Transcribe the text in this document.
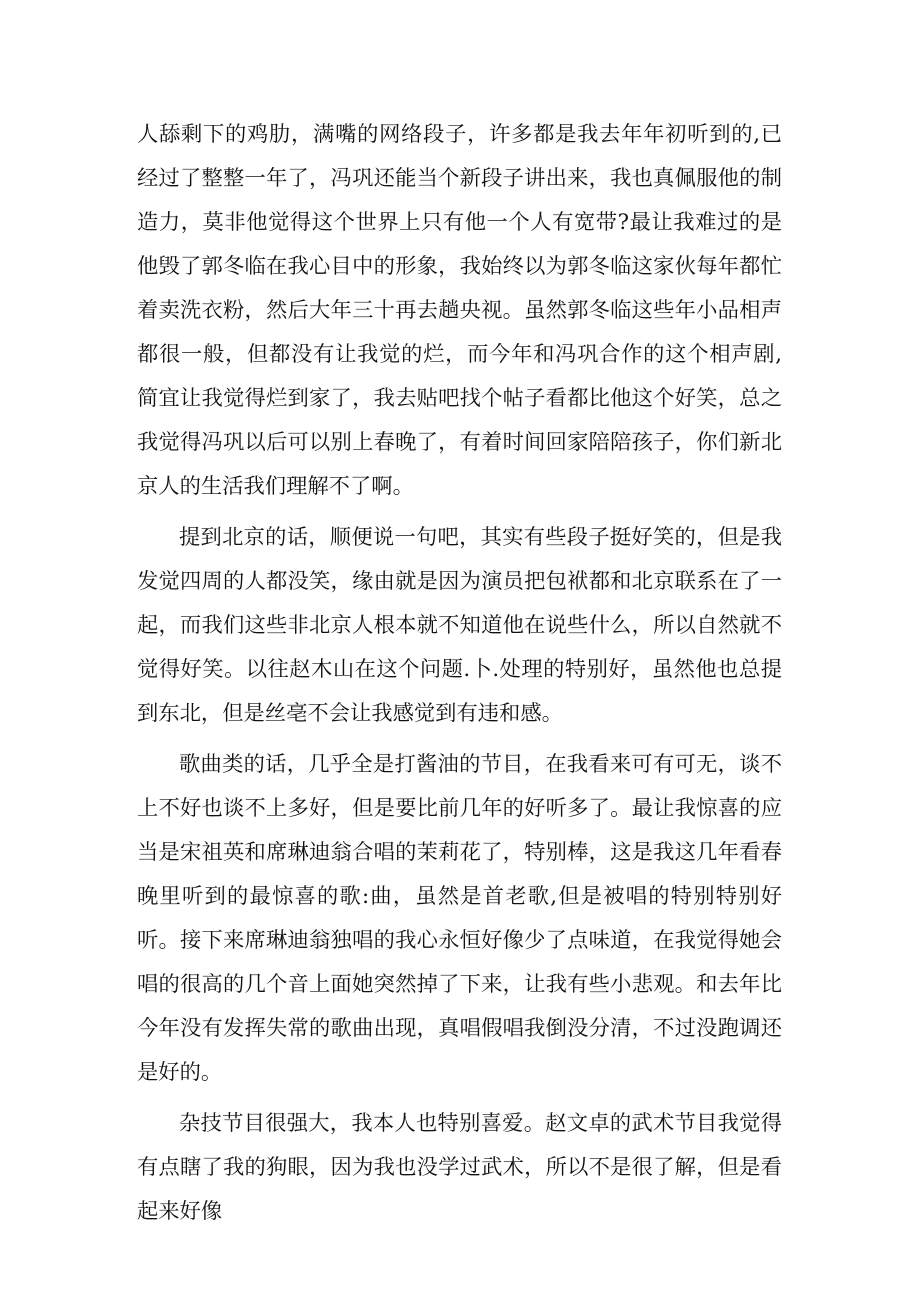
人舔剩下的鸡肋，满嘴的网络段子，许多都是我去年年初听到的,已经过了整整一年了，冯巩还能当个新段子讲出来，我也真佩服他的制造力，莫非他觉得这个世界上只有他一个人有宽带?最让我难过的是他毁了郭冬临在我心目中的形象，我始终以为郭冬临这家伙每年都忙着卖洗衣粉，然后大年三十再去趟央视。虽然郭冬临这些年小品相声都很一般，但都没有让我觉的烂，而今年和冯巩合作的这个相声剧,简宜让我觉得烂到家了，我去贴吧找个帖子看都比他这个好笑，总之我觉得冯巩以后可以别上春晚了，有着时间回家陪陪孩子，你们新北京人的生活我们理解不了啊。

提到北京的话，顺便说一句吧，其实有些段子挺好笑的，但是我发觉四周的人都没笑，缘由就是因为演员把包袱都和北京联系在了一起，而我们这些非北京人根本就不知道他在说些什么，所以自然就不觉得好笑。以往赵木山在这个问题.卜.处理的特别好，虽然他也总提到东北，但是丝亳不会让我感觉到有违和感。

歌曲类的话，几乎全是打酱油的节目，在我看来可有可无，谈不上不好也谈不上多好，但是要比前几年的好听多了。最让我惊喜的应当是宋祖英和席琳迪翁合唱的茉莉花了，特别棒，这是我这几年看春晚里听到的最惊喜的歌:曲，虽然是首老歌,但是被唱的特别特别好听。接下来席琳迪翁独唱的我心永恒好像少了点味道，在我觉得她会唱的很高的几个音上面她突然掉了下来，让我有些小悲观。和去年比今年没有发挥失常的歌曲出现，真唱假唱我倒没分清，不过没跑调还是好的。

杂技节目很强大，我本人也特别喜爱。赵文卓的武术节目我觉得有点瞎了我的狗眼，因为我也没学过武术，所以不是很了解，但是看起来好像
